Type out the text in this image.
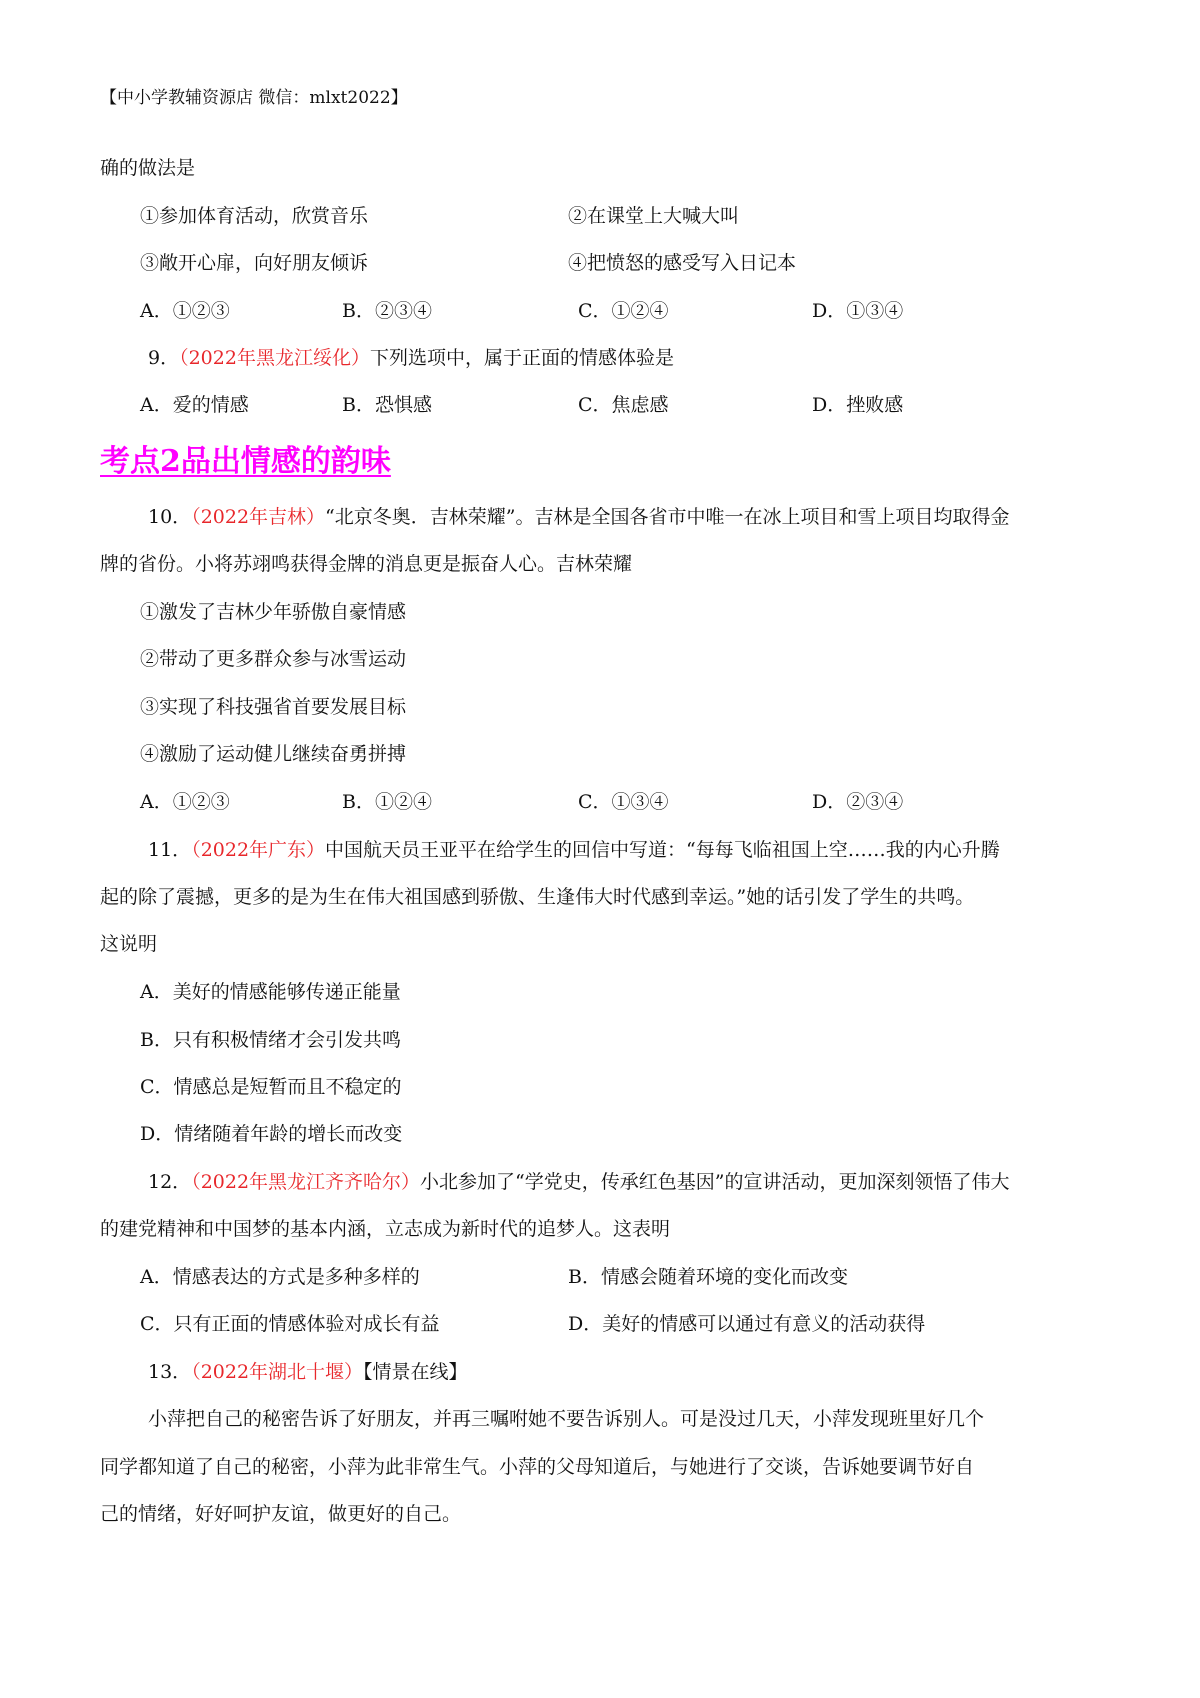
【中小学教辅资源店 微信：mlxt2022】
确的做法是
①参加体育活动，欣赏音乐	②在课堂上大喊大叫
③敞开心扉，向好朋友倾诉	④把愤怒的感受写入日记本
A．①②③	B．②③④	C．①②④	D．①③④
9．（2022年黑龙江绥化）下列选项中，属于正面的情感体验是
A．爱的情感	B．恐惧感	C．焦虑感	D．挫败感
考点2品出情感的韵味
10．（2022年吉林）“北京冬奥．吉林荣耀”。吉林是全国各省市中唯一在冰上项目和雪上项目均取得金
牌的省份。小将苏翊鸣获得金牌的消息更是振奋人心。吉林荣耀
①激发了吉林少年骄傲自豪情感
②带动了更多群众参与冰雪运动
③实现了科技强省首要发展目标
④激励了运动健儿继续奋勇拼搏
A．①②③	B．①②④	C．①③④	D．②③④
11．（2022年广东）中国航天员王亚平在给学生的回信中写道：“每每飞临祖国上空……我的内心升腾
起的除了震撼，更多的是为生在伟大祖国感到骄傲、生逢伟大时代感到幸运。”她的话引发了学生的共鸣。
这说明
A．美好的情感能够传递正能量
B．只有积极情绪才会引发共鸣
C．情感总是短暂而且不稳定的
D．情绪随着年龄的增长而改变
12．（2022年黑龙江齐齐哈尔）小北参加了“学党史，传承红色基因”的宣讲活动，更加深刻领悟了伟大
的建党精神和中国梦的基本内涵，立志成为新时代的追梦人。这表明
A．情感表达的方式是多种多样的	B．情感会随着环境的变化而改变
C．只有正面的情感体验对成长有益	D．美好的情感可以通过有意义的活动获得
13．（2022年湖北十堰）【情景在线】
小萍把自己的秘密告诉了好朋友，并再三嘱咐她不要告诉别人。可是没过几天，小萍发现班里好几个
同学都知道了自己的秘密，小萍为此非常生气。小萍的父母知道后，与她进行了交谈，告诉她要调节好自
己的情绪，好好呵护友谊，做更好的自己。
